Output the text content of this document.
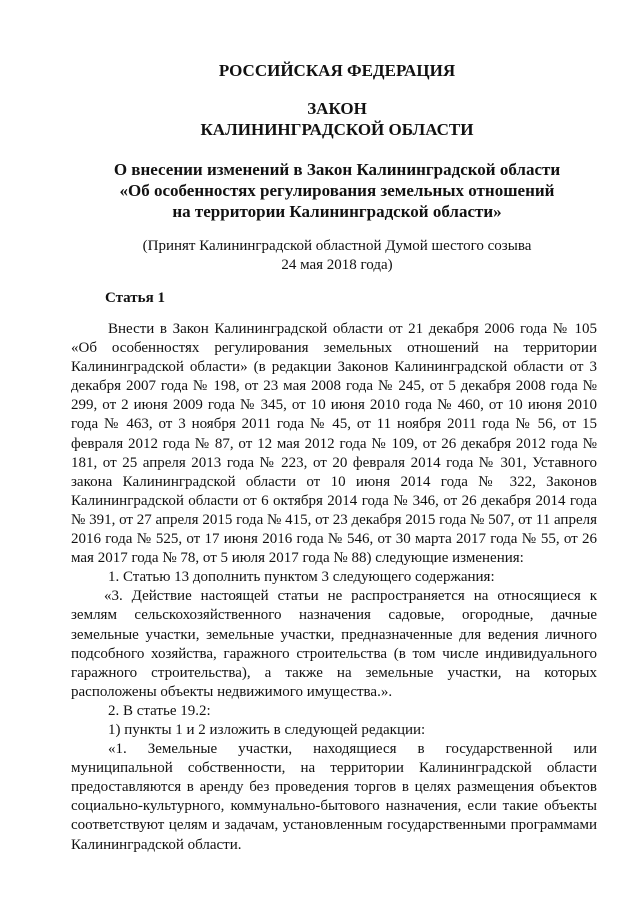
РОССИЙСКАЯ ФЕДЕРАЦИЯ
ЗАКОН
КАЛИНИНГРАДСКОЙ ОБЛАСТИ
О внесении изменений в Закон Калининградской области
«Об особенностях регулирования земельных отношений
на территории Калининградской области»
(Принят Калининградской областной Думой шестого созыва
24 мая 2018 года)
Статья 1

Внести в Закон Калининградской области от 21 декабря 2006 года № 105 «Об особенностях регулирования земельных отношений на территории Калининградской области» (в редакции Законов Калининградской области от 3 декабря 2007 года № 198, от 23 мая 2008 года № 245, от 5 декабря 2008 года № 299, от 2 июня 2009 года № 345, от 10 июня 2010 года № 460, от 10 июня 2010 года № 463, от 3 ноября 2011 года № 45, от 11 ноября 2011 года № 56, от 15 февраля 2012 года № 87, от 12 мая 2012 года № 109, от 26 декабря 2012 года № 181, от 25 апреля 2013 года № 223, от 20 февраля 2014 года № 301, Уставного закона Калининградской области от 10 июня 2014 года № 322, Законов Калининградской области от 6 октября 2014 года № 346, от 26 декабря 2014 года № 391, от 27 апреля 2015 года № 415, от 23 декабря 2015 года № 507, от 11 апреля 2016 года № 525, от 17 июня 2016 года № 546, от 30 марта 2017 года № 55, от 26 мая 2017 года № 78, от 5 июля 2017 года № 88) следующие изменения:

1. Статью 13 дополнить пунктом 3 следующего содержания:

«3. Действие настоящей статьи не распространяется на относящиеся к землям сельскохозяйственного назначения садовые, огородные, дачные земельные участки, земельные участки, предназначенные для ведения личного подсобного хозяйства, гаражного строительства (в том числе индивидуального гаражного строительства), а также на земельные участки, на которых расположены объекты недвижимого имущества.».

2. В статье 19.2:

1) пункты 1 и 2 изложить в следующей редакции:

«1. Земельные участки, находящиеся в государственной или муниципальной собственности, на территории Калининградской области предоставляются в аренду без проведения торгов в целях размещения объектов социально-культурного, коммунально-бытового назначения, если такие объекты соответствуют целям и задачам, установленным государственными программами Калининградской области.
